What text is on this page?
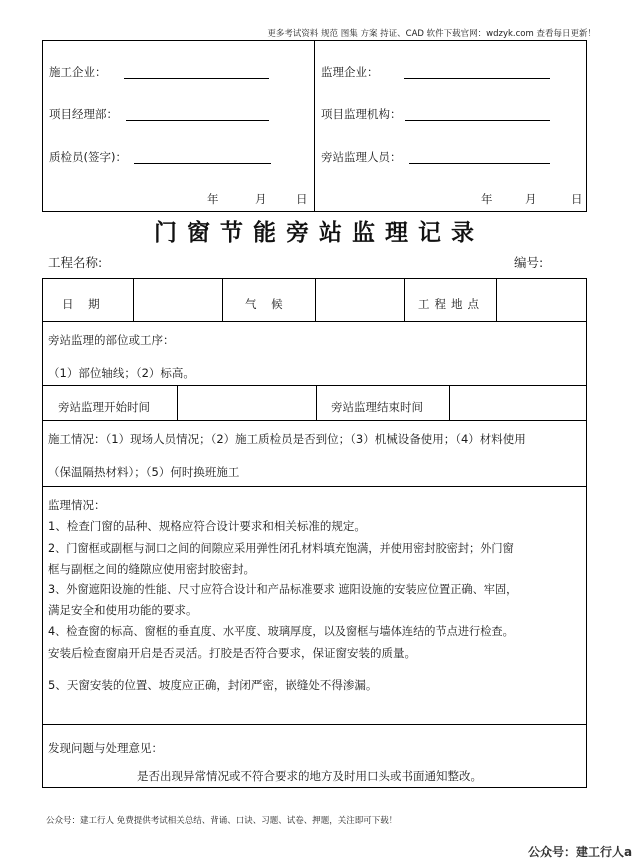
更多考试资料 规范 图集 方案 持证、CAD 软件下载官网：wdzyk.com 查看每日更新！
施工企业：
项目经理部：
质检员(签字)：
年	月	日
监理企业：
项目监理机构：
旁站监理人员：
年	月	日
门窗节能旁站监理记录
工程名称:	编号:
日    期	气    候	工程地点
旁站监理的部位或工序：
（1）部位轴线；（2）标高。
旁站监理开始时间	旁站监理结束时间
施工情况：（1）现场人员情况；（2）施工质检员是否到位；（3）机械设备使用；（4）材料使用
（保温隔热材料）；（5）何时换班施工
监理情况：
1、检查门窗的品种、规格应符合设计要求和相关标准的规定。
2、门窗框或副框与洞口之间的间隙应采用弹性闭孔材料填充饱满，并使用密封胶密封；外门窗
框与副框之间的缝隙应使用密封胶密封。
3、外窗遮阳设施的性能、尺寸应符合设计和产品标准要求 遮阳设施的安装应位置正确、牢固，
满足安全和使用功能的要求。
4、检查窗的标高、窗框的垂直度、水平度、玻璃厚度，以及窗框与墙体连结的节点进行检查。
安装后检查窗扇开启是否灵活。打胶是否符合要求，保证窗安装的质量。
5、天窗安装的位置、坡度应正确，封闭严密，嵌缝处不得渗漏。
发现问题与处理意见：
是否出现异常情况或不符合要求的地方及时用口头或书面通知整改。
公众号：建工行人 免费提供考试相关总结、背诵、口诀、习题、试卷、押题，关注即可下载！
公众号：建工行人a
